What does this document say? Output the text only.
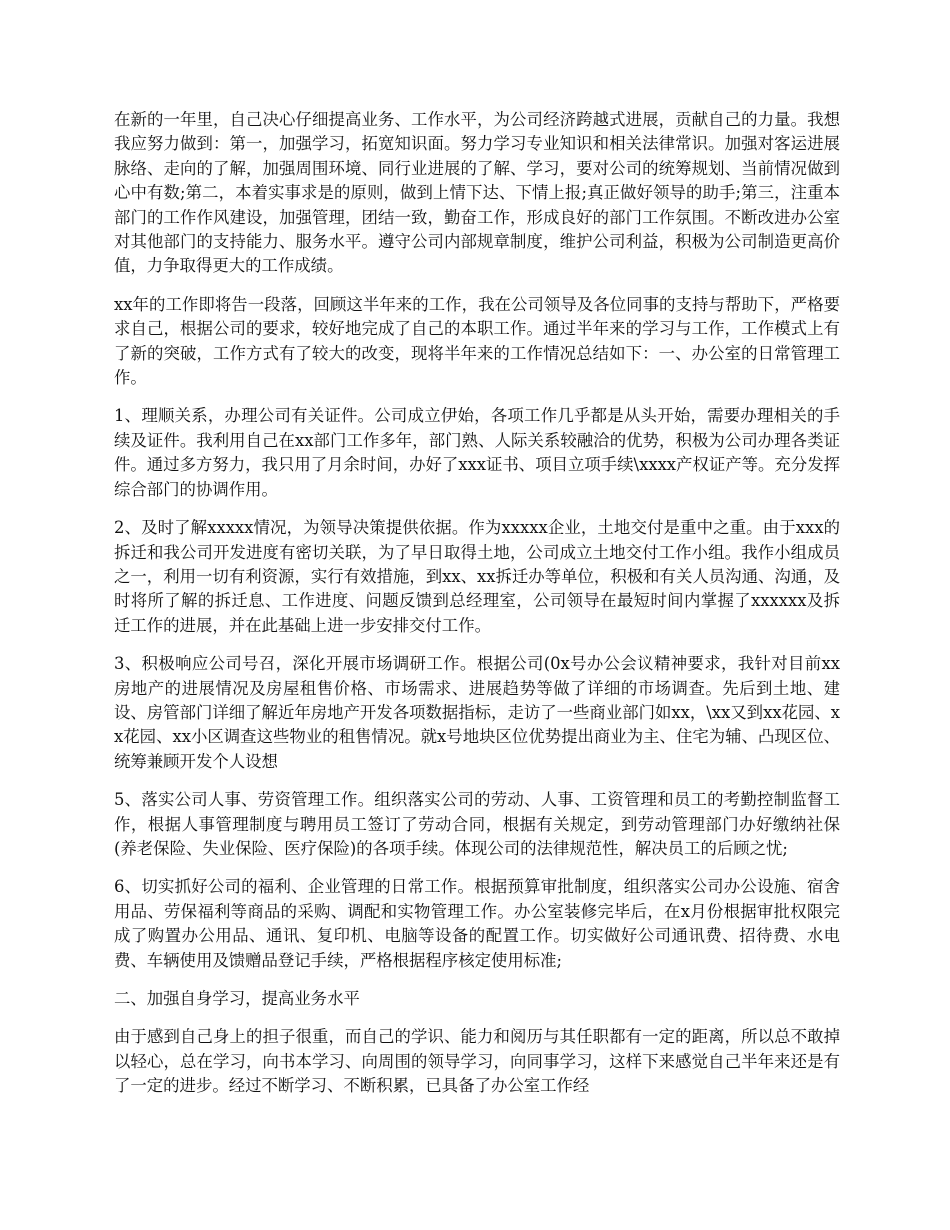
在新的一年里，自己决心仔细提高业务、工作水平，为公司经济跨越式进展，贡献自己的力量。我想我应努力做到：第一，加强学习，拓宽知识面。努力学习专业知识和相关法律常识。加强对客运进展脉络、走向的了解，加强周围环境、同行业进展的了解、学习，要对公司的统筹规划、当前情况做到心中有数;第二，本着实事求是的原则，做到上情下达、下情上报;真正做好领导的助手;第三，注重本部门的工作作风建设，加强管理，团结一致，勤奋工作，形成良好的部门工作氛围。不断改进办公室对其他部门的支持能力、服务水平。遵守公司内部规章制度，维护公司利益，积极为公司制造更高价值，力争取得更大的工作成绩。

xx年的工作即将告一段落，回顾这半年来的工作，我在公司领导及各位同事的支持与帮助下，严格要求自己，根据公司的要求，较好地完成了自己的本职工作。通过半年来的学习与工作，工作模式上有了新的突破，工作方式有了较大的改变，现将半年来的工作情况总结如下：一、办公室的日常管理工作。

1、理顺关系，办理公司有关证件。公司成立伊始，各项工作几乎都是从头开始，需要办理相关的手续及证件。我利用自己在xx部门工作多年，部门熟、人际关系较融洽的优势，积极为公司办理各类证件。通过多方努力，我只用了月余时间，办好了xxx证书、项目立项手续\xxxx产权证产等。充分发挥综合部门的协调作用。

2、及时了解xxxxx情况，为领导决策提供依据。作为xxxxx企业，土地交付是重中之重。由于xxx的拆迁和我公司开发进度有密切关联，为了早日取得土地，公司成立土地交付工作小组。我作小组成员之一，利用一切有利资源，实行有效措施，到xx、xx拆迁办等单位，积极和有关人员沟通、沟通，及时将所了解的拆迁息、工作进度、问题反馈到总经理室，公司领导在最短时间内掌握了xxxxxx及拆迁工作的进展，并在此基础上进一步安排交付工作。

3、积极响应公司号召，深化开展市场调研工作。根据公司(0x号办公会议精神要求，我针对目前xx房地产的进展情况及房屋租售价格、市场需求、进展趋势等做了详细的市场调查。先后到土地、建设、房管部门详细了解近年房地产开发各项数据指标，走访了一些商业部门如xx，\xx又到xx花园、xx花园、xx小区调查这些物业的租售情况。就x号地块区位优势提出商业为主、住宅为辅、凸现区位、统筹兼顾开发个人设想

5、落实公司人事、劳资管理工作。组织落实公司的劳动、人事、工资管理和员工的考勤控制监督工作，根据人事管理制度与聘用员工签订了劳动合同，根据有关规定，到劳动管理部门办好缴纳社保(养老保险、失业保险、医疗保险)的各项手续。体现公司的法律规范性，解决员工的后顾之忧;

6、切实抓好公司的福利、企业管理的日常工作。根据预算审批制度，组织落实公司办公设施、宿舍用品、劳保福利等商品的采购、调配和实物管理工作。办公室装修完毕后，在x月份根据审批权限完成了购置办公用品、通讯、复印机、电脑等设备的配置工作。切实做好公司通讯费、招待费、水电费、车辆使用及馈赠品登记手续，严格根据程序核定使用标准;

二、加强自身学习，提高业务水平

由于感到自己身上的担子很重，而自己的学识、能力和阅历与其任职都有一定的距离，所以总不敢掉以轻心，总在学习，向书本学习、向周围的领导学习，向同事学习，这样下来感觉自己半年来还是有了一定的进步。经过不断学习、不断积累，已具备了办公室工作经
